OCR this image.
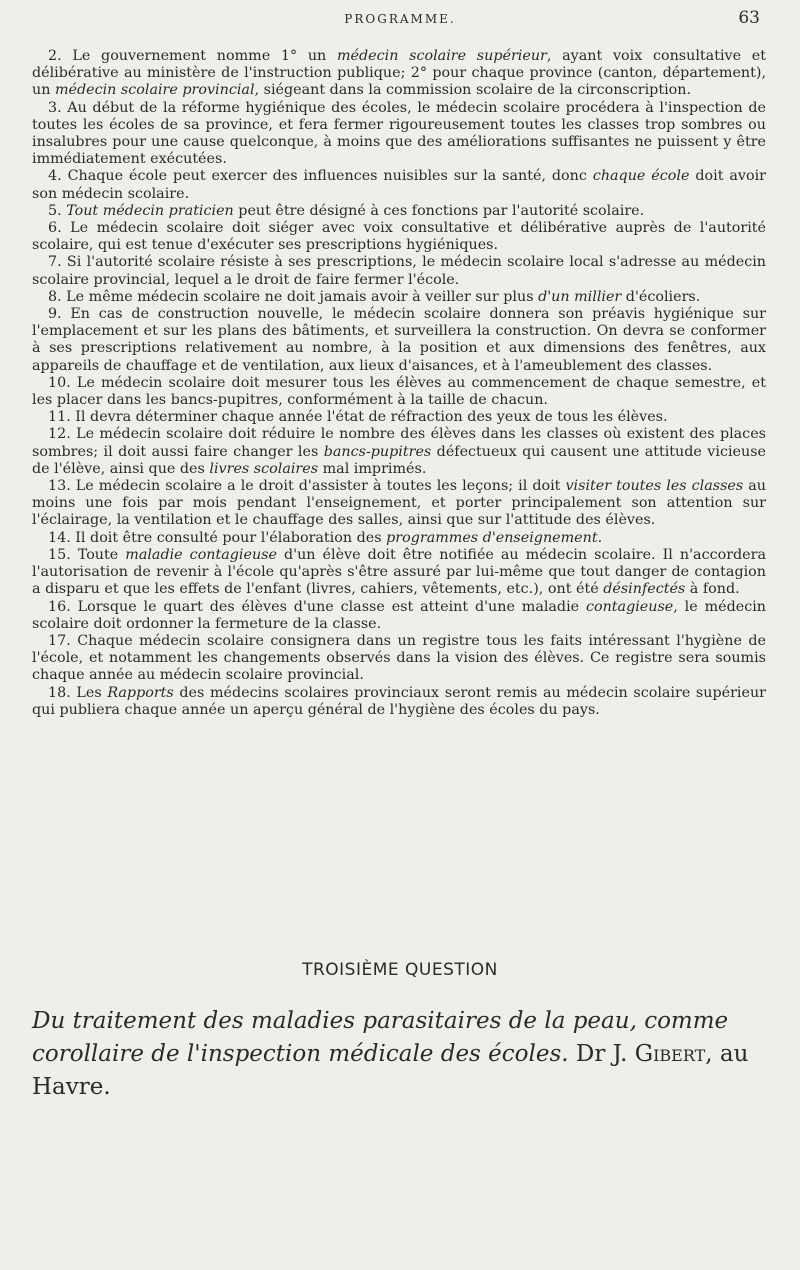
PROGRAMME.	63

2. Le gouvernement nomme 1° un médecin scolaire supérieur, ayant voix consultative et délibérative au ministère de l'instruction publique; 2° pour chaque province (canton, département), un médecin scolaire provincial, siégeant dans la commission scolaire de la circonscription.

3. Au début de la réforme hygiénique des écoles, le médecin scolaire procédera à l'inspection de toutes les écoles de sa province, et fera fermer rigoureusement toutes les classes trop sombres ou insalubres pour une cause quelconque, à moins que des améliorations suffisantes ne puissent y être immédiatement exécutées.

4. Chaque école peut exercer des influences nuisibles sur la santé, donc chaque école doit avoir son médecin scolaire.

5. Tout médecin praticien peut être désigné à ces fonctions par l'autorité scolaire.

6. Le médecin scolaire doit siéger avec voix consultative et délibérative auprès de l'autorité scolaire, qui est tenue d'exécuter ses prescriptions hygiéniques.

7. Si l'autorité scolaire résiste à ses prescriptions, le médecin scolaire local s'adresse au médecin scolaire provincial, lequel a le droit de faire fermer l'école.

8. Le même médecin scolaire ne doit jamais avoir à veiller sur plus d'un millier d'écoliers.

9. En cas de construction nouvelle, le médecin scolaire donnera son préavis hygiénique sur l'emplacement et sur les plans des bâtiments, et surveillera la construction. On devra se conformer à ses prescriptions relativement au nombre, à la position et aux dimensions des fenêtres, aux appareils de chauffage et de ventilation, aux lieux d'aisances, et à l'ameublement des classes.

10. Le médecin scolaire doit mesurer tous les élèves au commencement de chaque semestre, et les placer dans les bancs-pupitres, conformément à la taille de chacun.

11. Il devra déterminer chaque année l'état de réfraction des yeux de tous les élèves.

12. Le médecin scolaire doit réduire le nombre des élèves dans les classes où existent des places sombres; il doit aussi faire changer les bancs-pupitres défectueux qui causent une attitude vicieuse de l'élève, ainsi que des livres scolaires mal imprimés.

13. Le médecin scolaire a le droit d'assister à toutes les leçons; il doit visiter toutes les classes au moins une fois par mois pendant l'enseignement, et porter principalement son attention sur l'éclairage, la ventilation et le chauffage des salles, ainsi que sur l'attitude des élèves.

14. Il doit être consulté pour l'élaboration des programmes d'enseignement.

15. Toute maladie contagieuse d'un élève doit être notifiée au médecin scolaire. Il n'accordera l'autorisation de revenir à l'école qu'après s'être assuré par lui-même que tout danger de contagion a disparu et que les effets de l'enfant (livres, cahiers, vêtements, etc.), ont été désinfectés à fond.

16. Lorsque le quart des élèves d'une classe est atteint d'une maladie contagieuse, le médecin scolaire doit ordonner la fermeture de la classe.

17. Chaque médecin scolaire consignera dans un registre tous les faits intéressant l'hygiène de l'école, et notamment les changements observés dans la vision des élèves. Ce registre sera soumis chaque année au médecin scolaire provincial.

18. Les Rapports des médecins scolaires provinciaux seront remis au médecin scolaire supérieur qui publiera chaque année un aperçu général de l'hygiène des écoles du pays.

TROISIÈME QUESTION
Du traitement des maladies parasitaires de la peau, comme corollaire de l'inspection médicale des écoles. Dr J. Gibert, au Havre.
